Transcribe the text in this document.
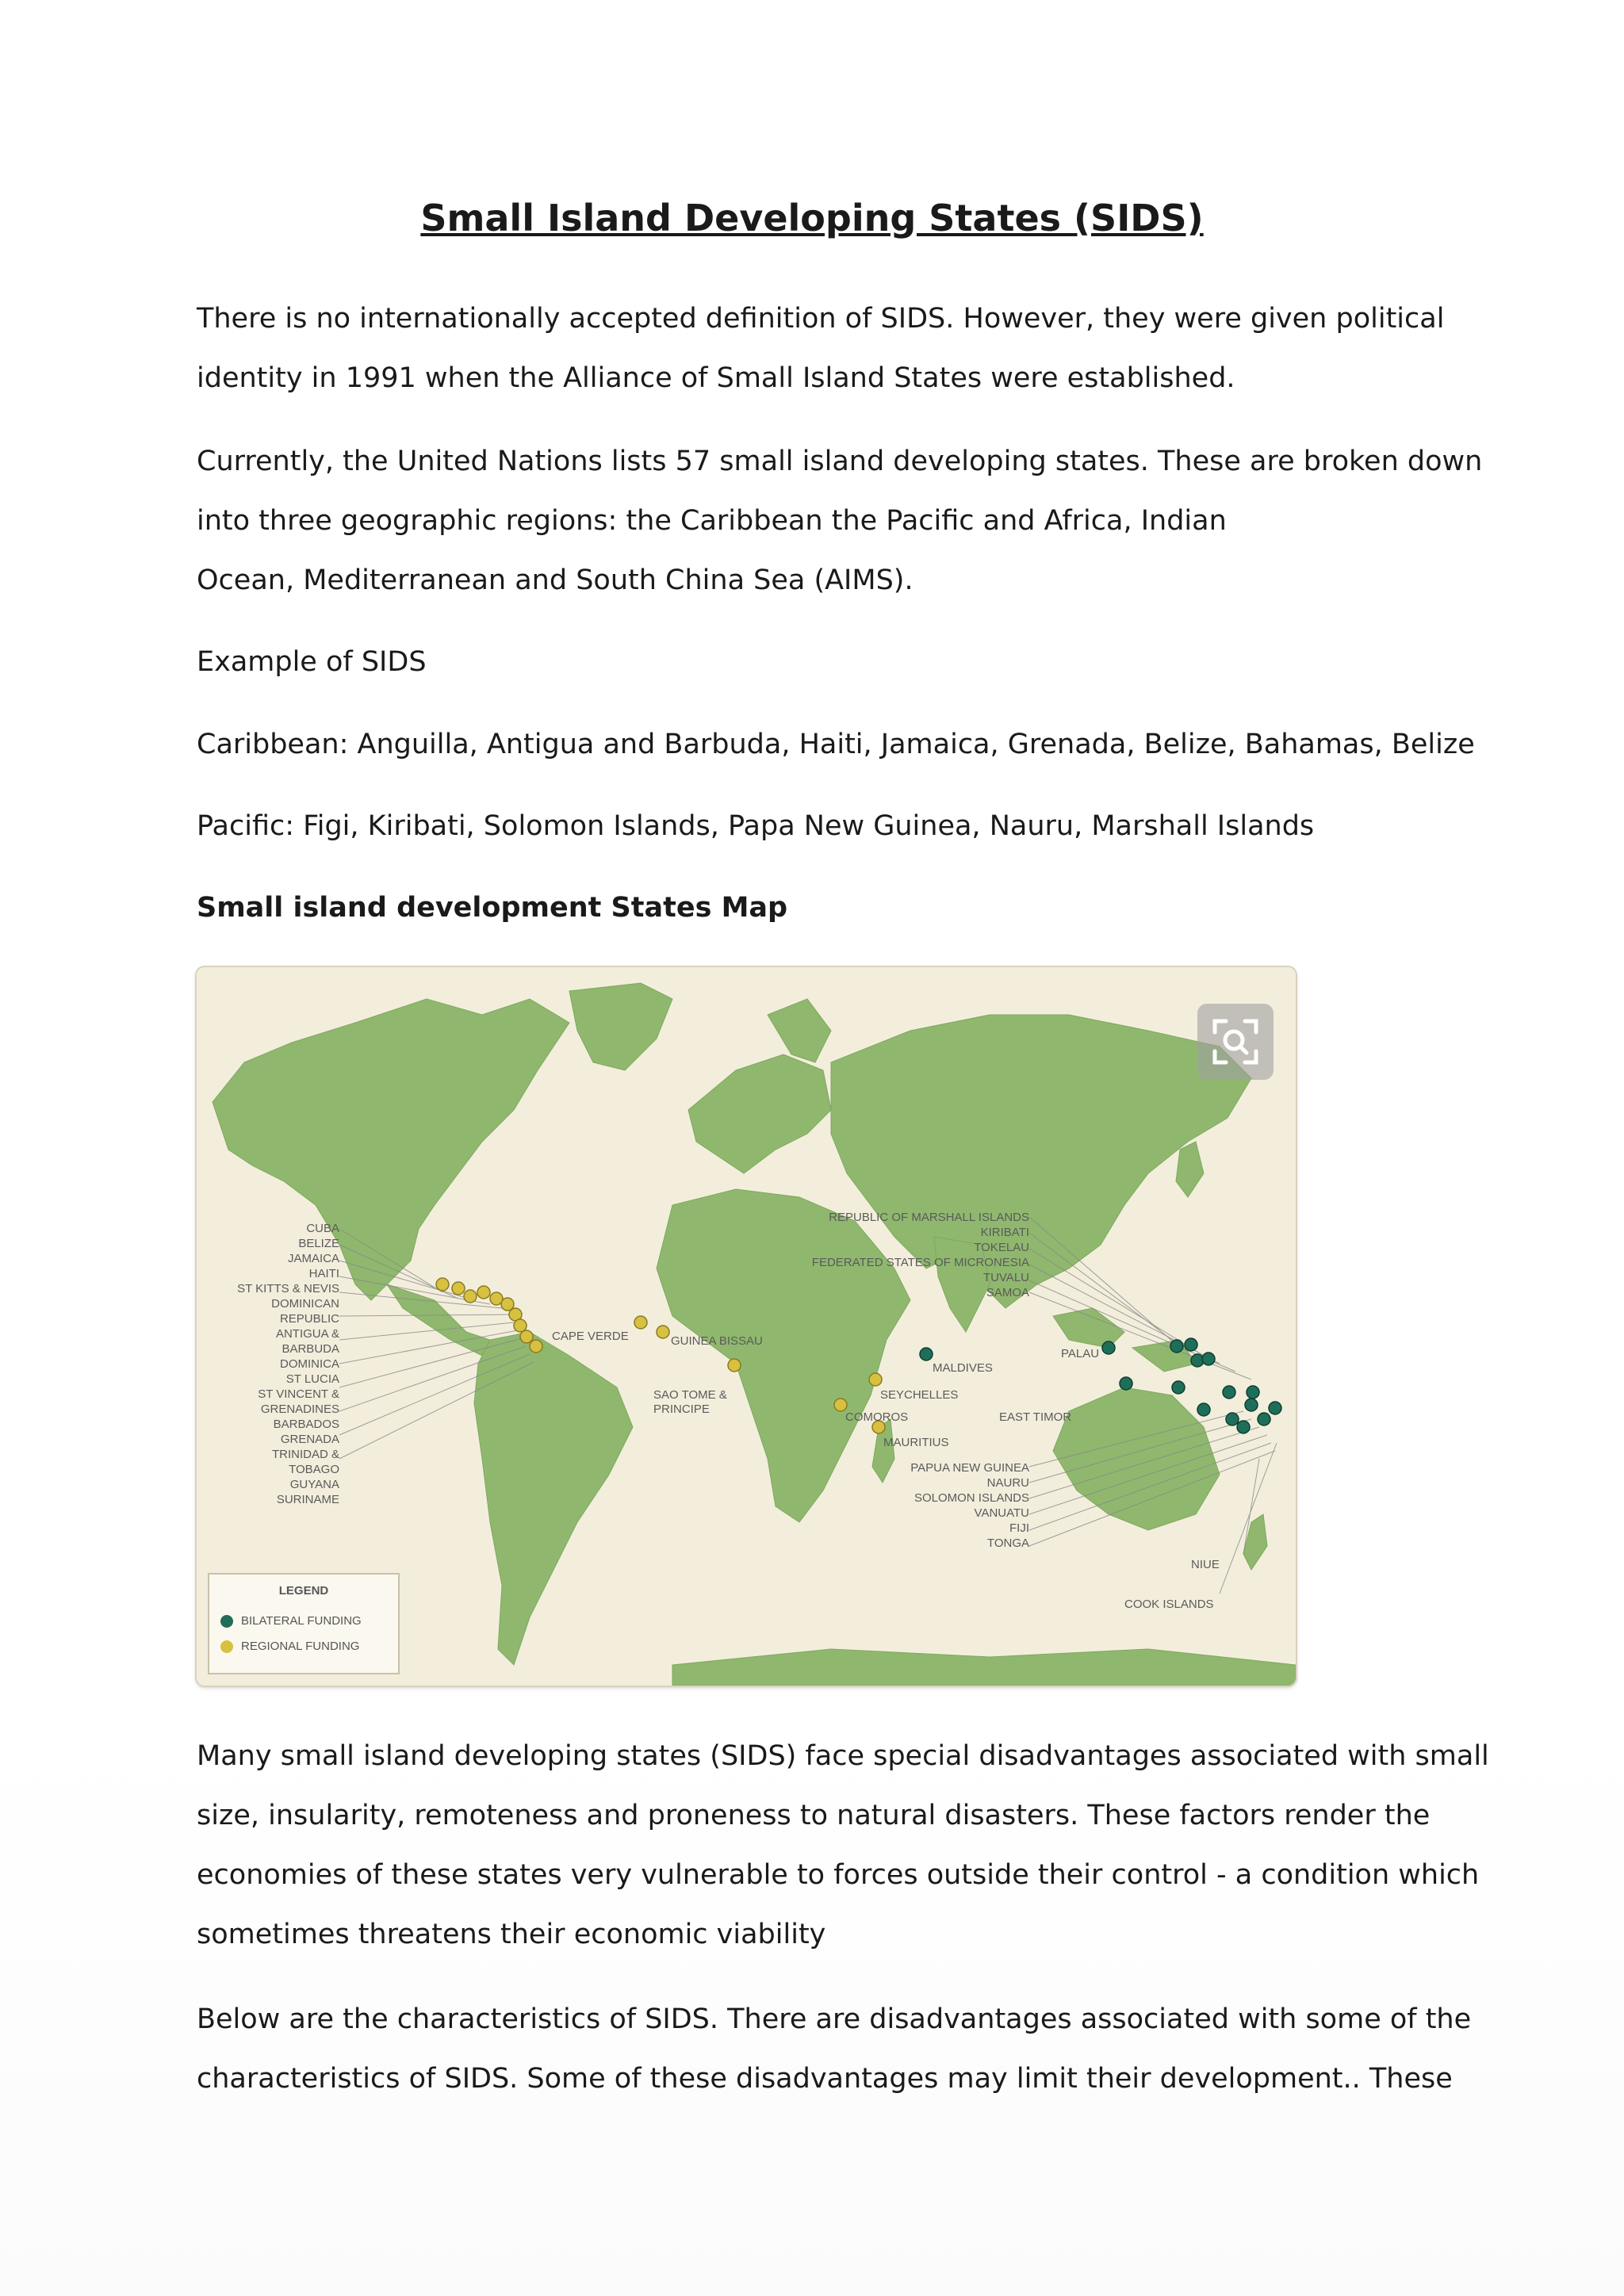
Small Island Developing States (SIDS)

There is no internationally accepted definition of SIDS. However, they were given political
identity in 1991 when the Alliance of Small Island States were established.

Currently, the United Nations lists 57 small island developing states. These are broken down
into three geographic regions: the Caribbean the Pacific and Africa, Indian
Ocean, Mediterranean and South China Sea (AIMS).

Example of SIDS

Caribbean: Anguilla, Antigua and Barbuda, Haiti, Jamaica, Grenada, Belize, Bahamas, Belize

Pacific: Figi, Kiribati, Solomon Islands, Papa New Guinea, Nauru, Marshall Islands

Small island development States Map

CUBA
BELIZE
JAMAICA
HAITI
ST KITTS & NEVIS
DOMINICAN
REPUBLIC
ANTIGUA &
BARBUDA
DOMINICA
ST LUCIA
ST VINCENT &
GRENADINES
BARBADOS
GRENADA
TRINIDAD &
TOBAGO
GUYANA
SURINAME
REPUBLIC OF MARSHALL ISLANDS
KIRIBATI
TOKELAU
FEDERATED STATES OF MICRONESIA
TUVALU
SAMOA
PAPUA NEW GUINEA
NAURU
SOLOMON ISLANDS
VANUATU
FIJI
TONGA
CAPE VERDE	GUINEA BISSAU
SAO TOME &
PRINCIPE
MALDIVES
SEYCHELLES
COMOROS
MAURITIUS
EAST TIMOR
PALAU
NIUE
COOK ISLANDS
LEGEND
BILATERAL FUNDING
REGIONAL FUNDING

Many small island developing states (SIDS) face special disadvantages associated with small
size, insularity, remoteness and proneness to natural disasters. These factors render the
economies of these states very vulnerable to forces outside their control - a condition which
sometimes threatens their economic viability

Below are the characteristics of SIDS. There are disadvantages associated with some of the
characteristics of SIDS. Some of these disadvantages may limit their development.. These
